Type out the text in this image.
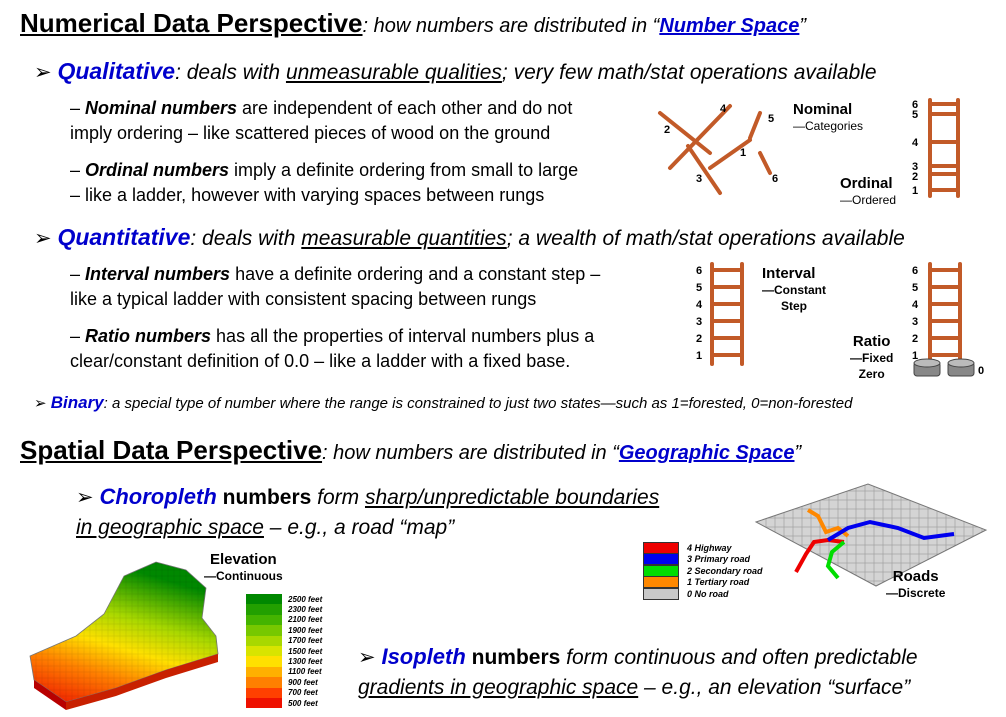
Numerical Data Perspective: how numbers are distributed in “Number Space”
➢ Qualitative: deals with unmeasurable qualities; very few math/stat operations available
– Nominal numbers are independent of each other and do not
imply ordering – like scattered pieces of wood on the ground
– Ordinal numbers imply a definite ordering from small to large
– like a ladder, however with varying spaces between rungs
➢ Quantitative: deals with measurable quantities; a wealth of math/stat operations available
– Interval numbers have a definite ordering and a constant step –
like a typical ladder with consistent spacing between rungs
– Ratio numbers has all the properties of interval numbers plus a
clear/constant definition of 0.0 – like a ladder with a fixed base.
➢ Binary: a special type of number where the range is constrained to just two states—such as 1=forested, 0=non-forested
2
4
5
1
3	6
Nominal
—Categories
Ordinal
—Ordered
6
5
4
3
2
1
6
5
4
3
2
1
Interval
—Constant
Step
6
5
4
3
2
1
0
Ratio
—Fixed
Zero
Spatial Data Perspective: how numbers are distributed in “Geographic Space”
➢ Choropleth numbers form sharp/unpredictable boundaries
in geographic space – e.g., a road “map”
4 Highway
3 Primary road
2 Secondary road
1 Tertiary road
0 No road
Roads
—Discrete
Elevation
—Continuous
2500 feet
2300 feet
2100 feet
1900 feet
1700 feet
1500 feet
1300 feet
1100 feet
900 feet
700 feet
500 feet
➢ Isopleth numbers form continuous and often predictable
gradients in geographic space – e.g., an elevation “surface”
